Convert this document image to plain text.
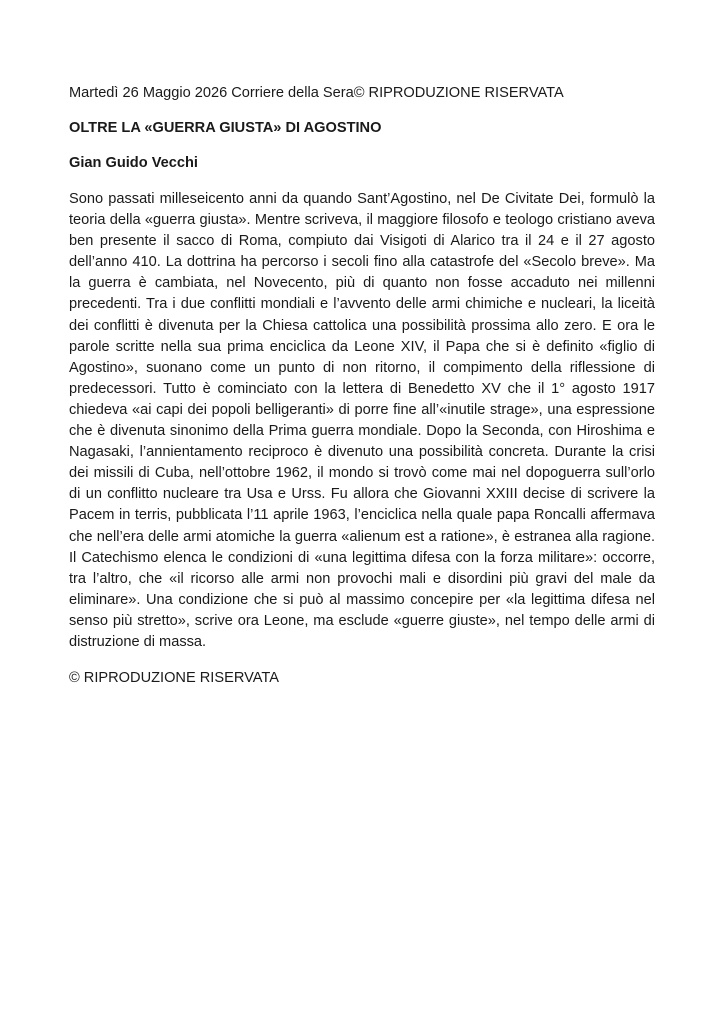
Martedì 26 Maggio 2026 Corriere della Sera© RIPRODUZIONE RISERVATA

OLTRE LA «GUERRA GIUSTA» DI AGOSTINO

Gian Guido Vecchi

Sono passati milleseicento anni da quando Sant’Agostino, nel De Civitate Dei, formulò la teoria della «guerra giusta». Mentre scriveva, il maggiore filosofo e teologo cristiano aveva ben presente il sacco di Roma, compiuto dai Visigoti di Alarico tra il 24 e il 27 agosto dell’anno 410. La dottrina ha percorso i secoli fino alla catastrofe del «Secolo breve». Ma la guerra è cambiata, nel Novecento, più di quanto non fosse accaduto nei millenni precedenti. Tra i due conflitti mondiali e l’avvento delle armi chimiche e nucleari, la liceità dei conflitti è divenuta per la Chiesa cattolica una possibilità prossima allo zero. E ora le parole scritte nella sua prima enciclica da Leone XIV, il Papa che si è definito «figlio di Agostino», suonano come un punto di non ritorno, il compimento della riflessione di predecessori. Tutto è cominciato con la lettera di Benedetto XV che il 1° agosto 1917 chiedeva «ai capi dei popoli belligeranti» di porre fine all’«inutile strage», una espressione che è divenuta sinonimo della Prima guerra mondiale. Dopo la Seconda, con Hiroshima e Nagasaki, l’annientamento reciproco è divenuto una possibilità concreta. Durante la crisi dei missili di Cuba, nell’ottobre 1962, il mondo si trovò come mai nel dopoguerra sull’orlo di un conflitto nucleare tra Usa e Urss. Fu allora che Giovanni XXIII decise di scrivere la Pacem in terris, pubblicata l’11 aprile 1963, l’enciclica nella quale papa Roncalli affermava che nell’era delle armi atomiche la guerra «alienum est a ratione», è estranea alla ragione. Il Catechismo elenca le condizioni di «una legittima difesa con la forza militare»: occorre, tra l’altro, che «il ricorso alle armi non provochi mali e disordini più gravi del male da eliminare». Una condizione che si può al massimo concepire per «la legittima difesa nel senso più stretto», scrive ora Leone, ma esclude «guerre giuste», nel tempo delle armi di distruzione di massa.

© RIPRODUZIONE RISERVATA
